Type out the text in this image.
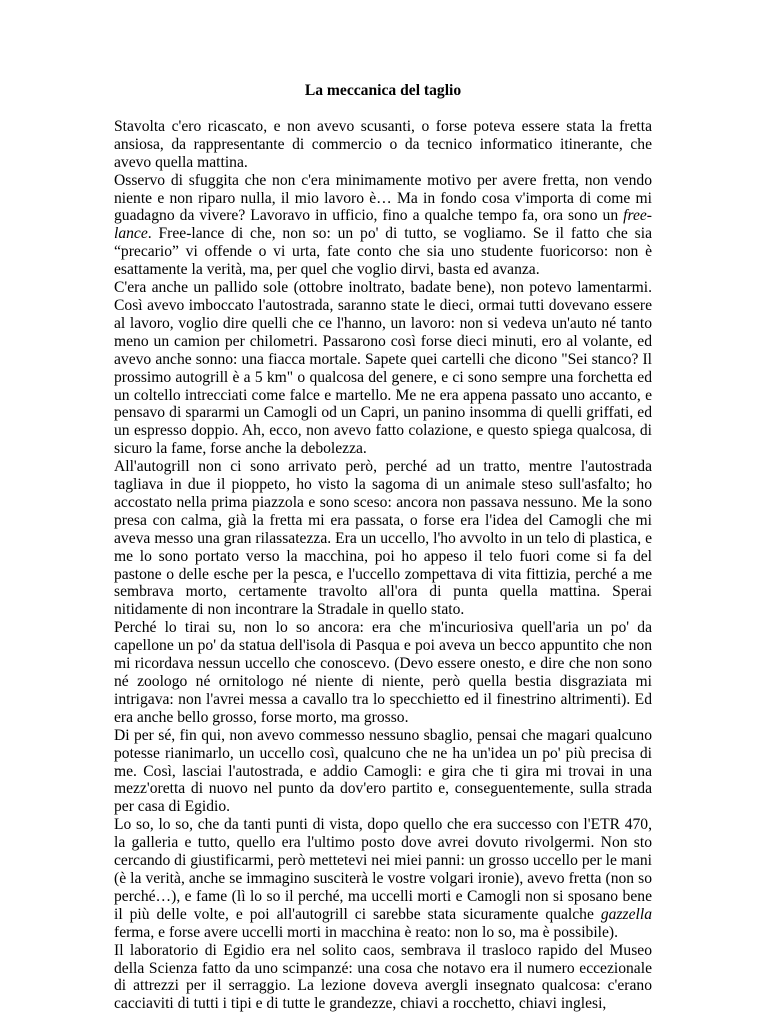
La meccanica del taglio

Stavolta c'ero ricascato, e non avevo scusanti, o forse poteva essere stata la fretta ansiosa, da rappresentante di commercio o da tecnico informatico itinerante, che avevo quella mattina.

Osservo di sfuggita che non c'era minimamente motivo per avere fretta, non vendo niente e non riparo nulla, il mio lavoro è… Ma in fondo cosa v'importa di come mi guadagno da vivere? Lavoravo in ufficio, fino a qualche tempo fa, ora sono un free-lance. Free-lance di che, non so: un po' di tutto, se vogliamo. Se il fatto che sia “precario” vi offende o vi urta, fate conto che sia uno studente fuoricorso: non è esattamente la verità, ma, per quel che voglio dirvi, basta ed avanza.

C'era anche un pallido sole (ottobre inoltrato, badate bene), non potevo lamentarmi. Così avevo imboccato l'autostrada, saranno state le dieci, ormai tutti dovevano essere al lavoro, voglio dire quelli che ce l'hanno, un lavoro: non si vedeva un'auto né tanto meno un camion per chilometri. Passarono così forse dieci minuti, ero al volante, ed avevo anche sonno: una fiacca mortale. Sapete quei cartelli che dicono "Sei stanco? Il prossimo autogrill è a 5 km" o qualcosa del genere, e ci sono sempre una forchetta ed un coltello intrecciati come falce e martello. Me ne era appena passato uno accanto, e pensavo di spararmi un Camogli od un Capri, un panino insomma di quelli griffati, ed un espresso doppio. Ah, ecco, non avevo fatto colazione, e questo spiega qualcosa, di sicuro la fame, forse anche la debolezza.

All'autogrill non ci sono arrivato però, perché ad un tratto, mentre l'autostrada tagliava in due il pioppeto, ho visto la sagoma di un animale steso sull'asfalto; ho accostato nella prima piazzola e sono sceso: ancora non passava nessuno. Me la sono presa con calma, già la fretta mi era passata, o forse era l'idea del Camogli che mi aveva messo una gran rilassatezza. Era un uccello, l'ho avvolto in un telo di plastica, e me lo sono portato verso la macchina, poi ho appeso il telo fuori come si fa del pastone o delle esche per la pesca, e l'uccello zompettava di vita fittizia, perché a me sembrava morto, certamente travolto all'ora di punta quella mattina. Sperai nitidamente di non incontrare la Stradale in quello stato.

Perché lo tirai su, non lo so ancora: era che m'incuriosiva quell'aria un po' da capellone un po' da statua dell'isola di Pasqua e poi aveva un becco appuntito che non mi ricordava nessun uccello che conoscevo. (Devo essere onesto, e dire che non sono né zoologo né ornitologo né niente di niente, però quella bestia disgraziata mi intrigava: non l'avrei messa a cavallo tra lo specchietto ed il finestrino altrimenti). Ed era anche bello grosso, forse morto, ma grosso.

Di per sé, fin qui, non avevo commesso nessuno sbaglio, pensai che magari qualcuno potesse rianimarlo, un uccello così, qualcuno che ne ha un'idea un po' più precisa di me. Così, lasciai l'autostrada, e addio Camogli: e gira che ti gira mi trovai in una mezz'oretta di nuovo nel punto da dov'ero partito e, conseguentemente, sulla strada per casa di Egidio.

Lo so, lo so, che da tanti punti di vista, dopo quello che era successo con l'ETR 470, la galleria e tutto, quello era l'ultimo posto dove avrei dovuto rivolgermi. Non sto cercando di giustificarmi, però mettetevi nei miei panni: un grosso uccello per le mani (è la verità, anche se immagino susciterà le vostre volgari ironie), avevo fretta (non so perché…), e fame (lì lo so il perché, ma uccelli morti e Camogli non si sposano bene il più delle volte, e poi all'autogrill ci sarebbe stata sicuramente qualche gazzella ferma, e forse avere uccelli morti in macchina è reato: non lo so, ma è possibile).

Il laboratorio di Egidio era nel solito caos, sembrava il trasloco rapido del Museo della Scienza fatto da uno scimpanzé: una cosa che notavo era il numero eccezionale di attrezzi per il serraggio. La lezione doveva avergli insegnato qualcosa: c'erano cacciaviti di tutti i tipi e di tutte le grandezze, chiavi a rocchetto, chiavi inglesi,
